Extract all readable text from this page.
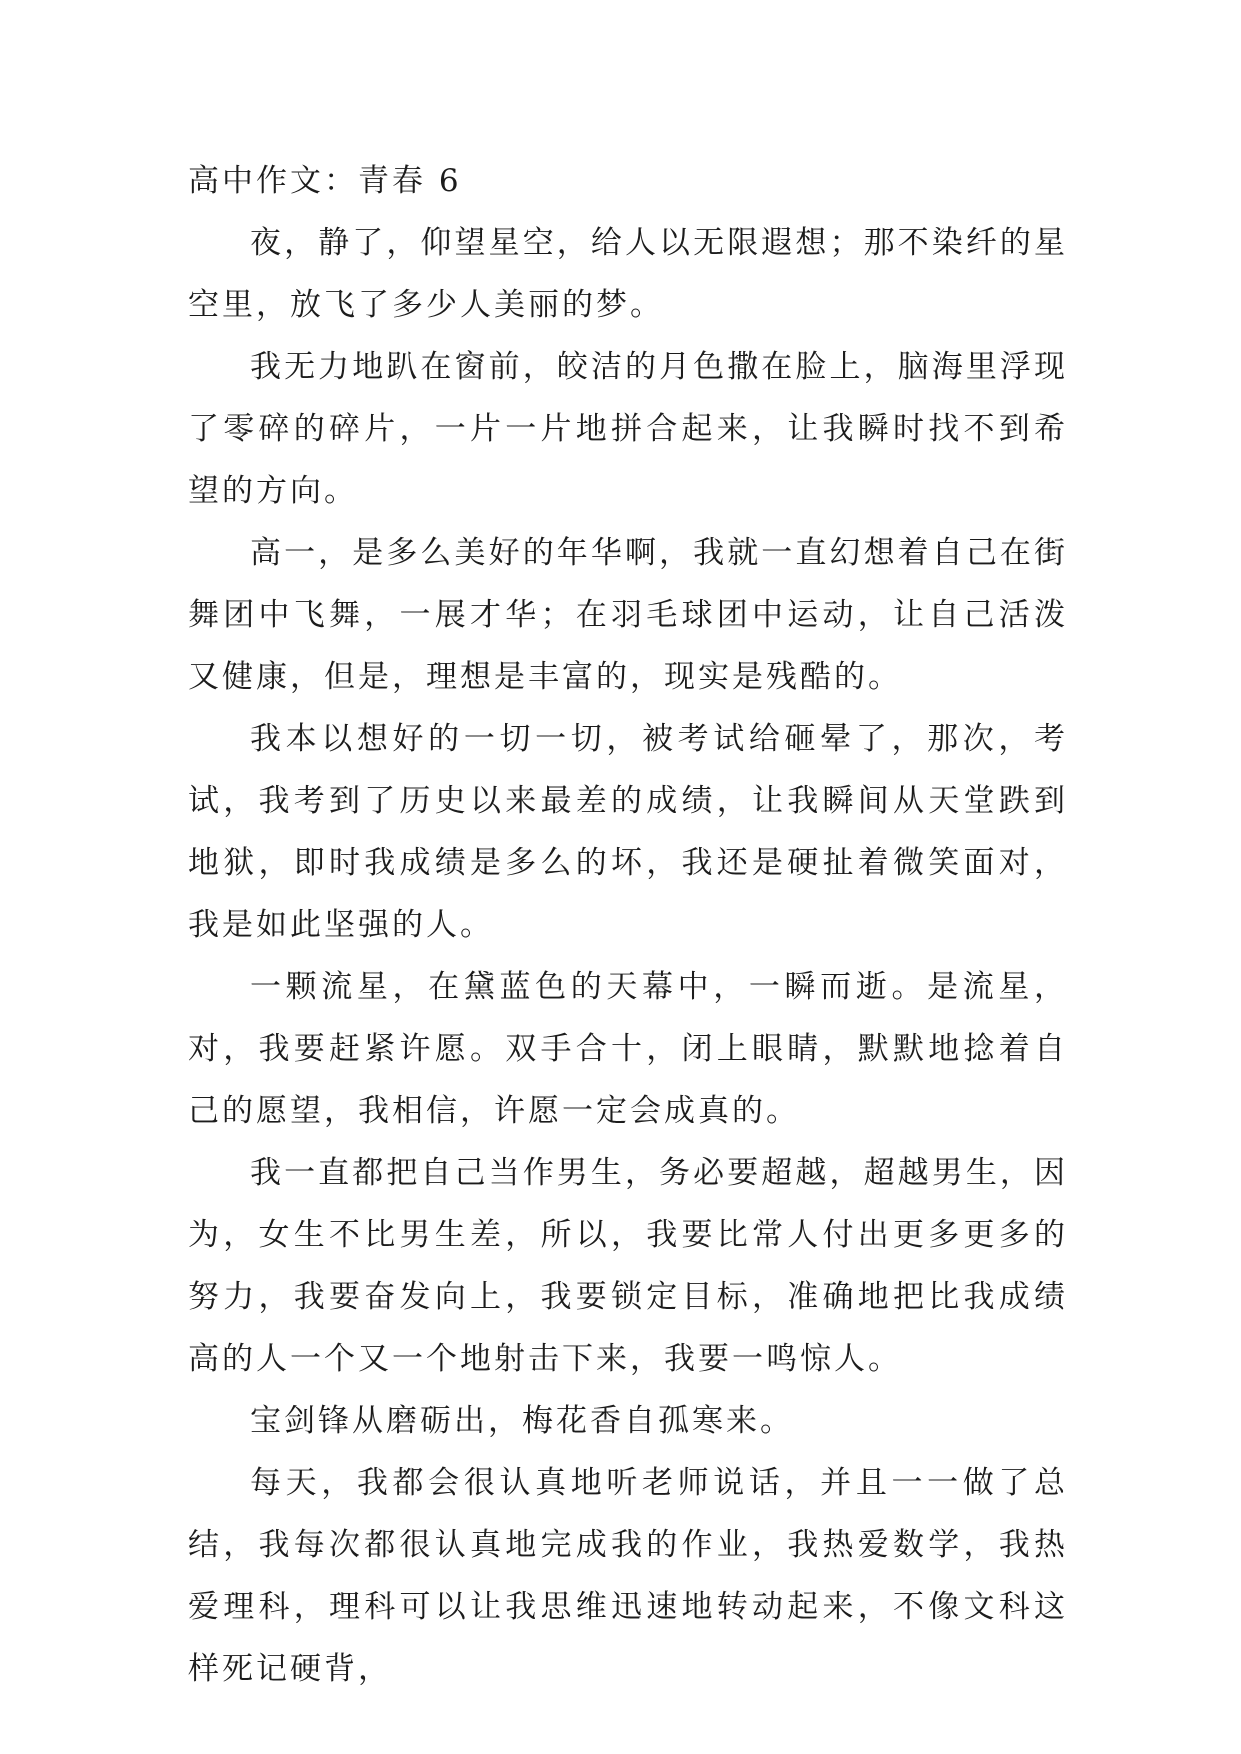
高中作文：青春 6

夜，静了，仰望星空，给人以无限遐想；那不染纤的星空里，放飞了多少人美丽的梦。

我无力地趴在窗前，皎洁的月色撒在脸上，脑海里浮现了零碎的碎片，一片一片地拼合起来，让我瞬时找不到希望的方向。

高一，是多么美好的年华啊，我就一直幻想着自己在街舞团中飞舞，一展才华；在羽毛球团中运动，让自己活泼又健康，但是，理想是丰富的，现实是残酷的。

我本以想好的一切一切，被考试给砸晕了，那次，考试，我考到了历史以来最差的成绩，让我瞬间从天堂跌到地狱，即时我成绩是多么的坏，我还是硬扯着微笑面对，我是如此坚强的人。

一颗流星，在黛蓝色的天幕中，一瞬而逝。是流星，对，我要赶紧许愿。双手合十，闭上眼睛，默默地捻着自己的愿望，我相信，许愿一定会成真的。

我一直都把自己当作男生，务必要超越，超越男生，因为，女生不比男生差，所以，我要比常人付出更多更多的努力，我要奋发向上，我要锁定目标，准确地把比我成绩高的人一个又一个地射击下来，我要一鸣惊人。

宝剑锋从磨砺出，梅花香自孤寒来。

每天，我都会很认真地听老师说话，并且一一做了总结，我每次都很认真地完成我的作业，我热爱数学，我热爱理科，理科可以让我思维迅速地转动起来，不像文科这样死记硬背，
